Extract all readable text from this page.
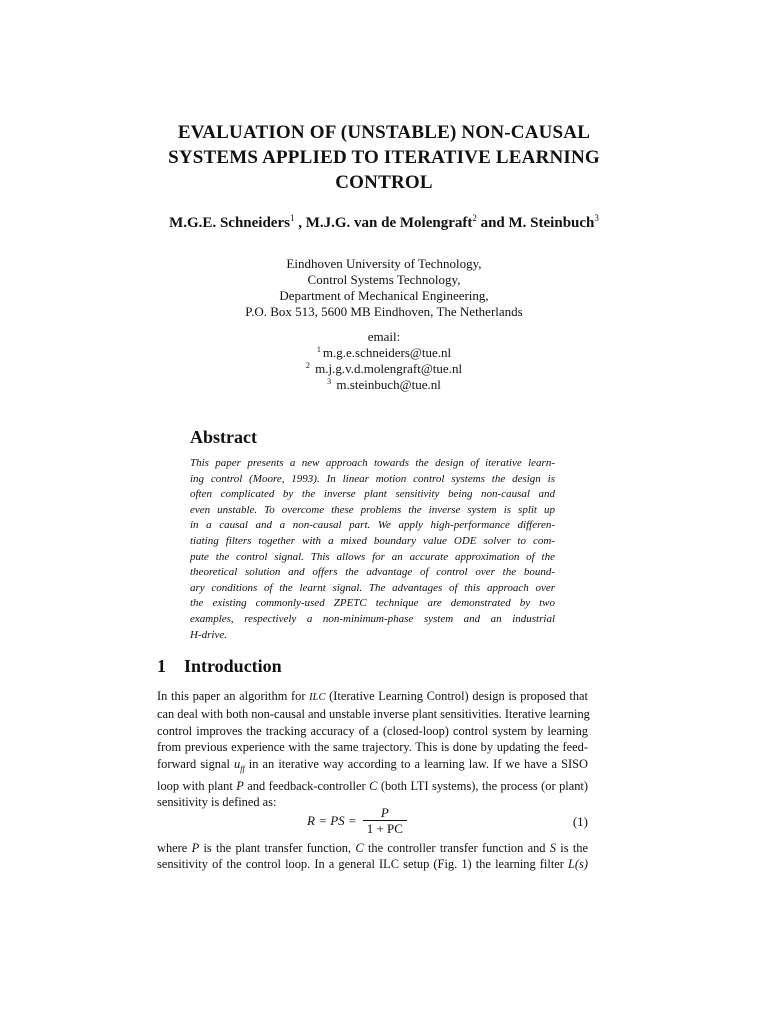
EVALUATION OF (UNSTABLE) NON-CAUSAL
SYSTEMS APPLIED TO ITERATIVE LEARNING
CONTROL
M.G.E. Schneiders$^1$ , M.J.G. van de Molengraft$^2$ and M. Steinbuch$^3$
Eindhoven University of Technology,
Control Systems Technology,
Department of Mechanical Engineering,
P.O. Box 513, 5600 MB Eindhoven, The Netherlands
email:
$^1$ m.g.e.schneiders@tue.nl
$^2$ m.j.g.v.d.molengraft@tue.nl
$^3$ m.steinbuch@tue.nl
Abstract
This paper presents a new approach towards the design of iterative learn-
ing control (Moore, 1993). In linear motion control systems the design is
often complicated by the inverse plant sensitivity being non-causal and
even unstable. To overcome these problems the inverse system is split up
in a causal and a non-causal part. We apply high-performance differen-
tiating filters together with a mixed boundary value ODE solver to com-
pute the control signal. This allows for an accurate approximation of the
theoretical solution and offers the advantage of control over the bound-
ary conditions of the learnt signal. The advantages of this approach over
the existing commonly-used ZPETC technique are demonstrated by two
examples, respectively a non-minimum-phase system and an industrial
H-drive.
1 Introduction
In this paper an algorithm for ILC (Iterative Learning Control) design is proposed that
can deal with both non-causal and unstable inverse plant sensitivities. Iterative learning
control improves the tracking accuracy of a (closed-loop) control system by learning
from previous experience with the same trajectory. This is done by updating the feed-
forward signal $u_{ff}$ in an iterative way according to a learning law. If we have a SISO
loop with plant P and feedback-controller C (both LTI systems), the process (or plant)
sensitivity is defined as:
R = PS = $\frac{P}{1 + PC}$	(1)
where P is the plant transfer function, C the controller transfer function and S is the
sensitivity of the control loop. In a general ILC setup (Fig. 1) the learning filter L(s)
